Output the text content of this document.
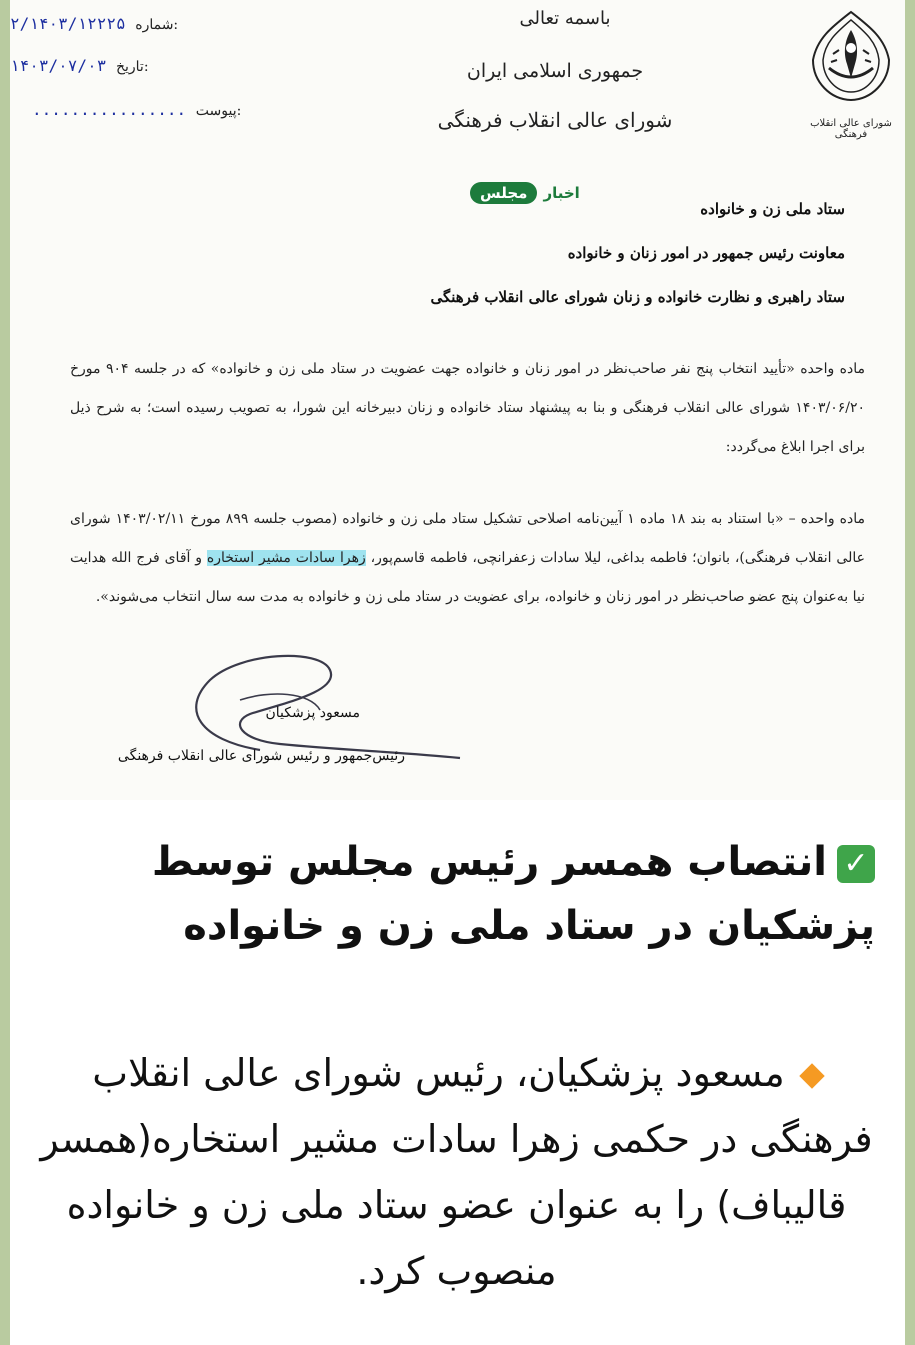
شورای عالی انقلاب فرهنگی
باسمه تعالی
جمهوری اسلامی ایران
شورای عالی انقلاب فرهنگی
۲/۱۴۰۳/۱۲۲۲۵ شماره:
۱۴۰۳/۰۷/۰۳ تاریخ:
................ پیوست:
اخبار
مجلس
ستاد ملی زن و خانواده
معاونت رئیس جمهور در امور زنان و خانواده
ستاد راهبری و نظارت خانواده و زنان شورای عالی انقلاب فرهنگی
ماده واحده «تأیید انتخاب پنج نفر صاحب‌نظر در امور زنان و خانواده جهت عضویت در ستاد ملی زن و خانواده» که در جلسه ۹۰۴ مورخ ۱۴۰۳/۰۶/۲۰ شورای عالی انقلاب فرهنگی و بنا به پیشنهاد ستاد خانواده و زنان دبیرخانه این شورا، به تصویب رسیده است؛ به شرح ذیل برای اجرا ابلاغ می‌گردد:
ماده واحده – «با استناد به بند ۱۸ ماده ۱ آیین‌نامه اصلاحی تشکیل ستاد ملی زن و خانواده (مصوب جلسه ۸۹۹ مورخ ۱۴۰۳/۰۲/۱۱ شورای عالی انقلاب فرهنگی)، بانوان؛ فاطمه بداغی، لیلا سادات زعفرانچی، فاطمه قاسم‌پور، زهرا سادات مشیر استخاره و آقای فرج الله هدایت نیا به‌عنوان پنج عضو صاحب‌نظر در امور زنان و خانواده، برای عضویت در ستاد ملی زن و خانواده به مدت سه سال انتخاب می‌شوند».
مسعود پزشکیان
رئیس‌جمهور و رئیس شورای عالی انقلاب فرهنگی
✓انتصاب همسر رئیس مجلس توسط پزشکیان در ستاد ملی زن و خانواده
مسعود پزشکیان، رئیس شورای عالی انقلاب فرهنگی در حکمی زهرا سادات مشیر استخاره(همسر قالیباف) را به عنوان عضو ستاد ملی زن و خانواده منصوب کرد.
